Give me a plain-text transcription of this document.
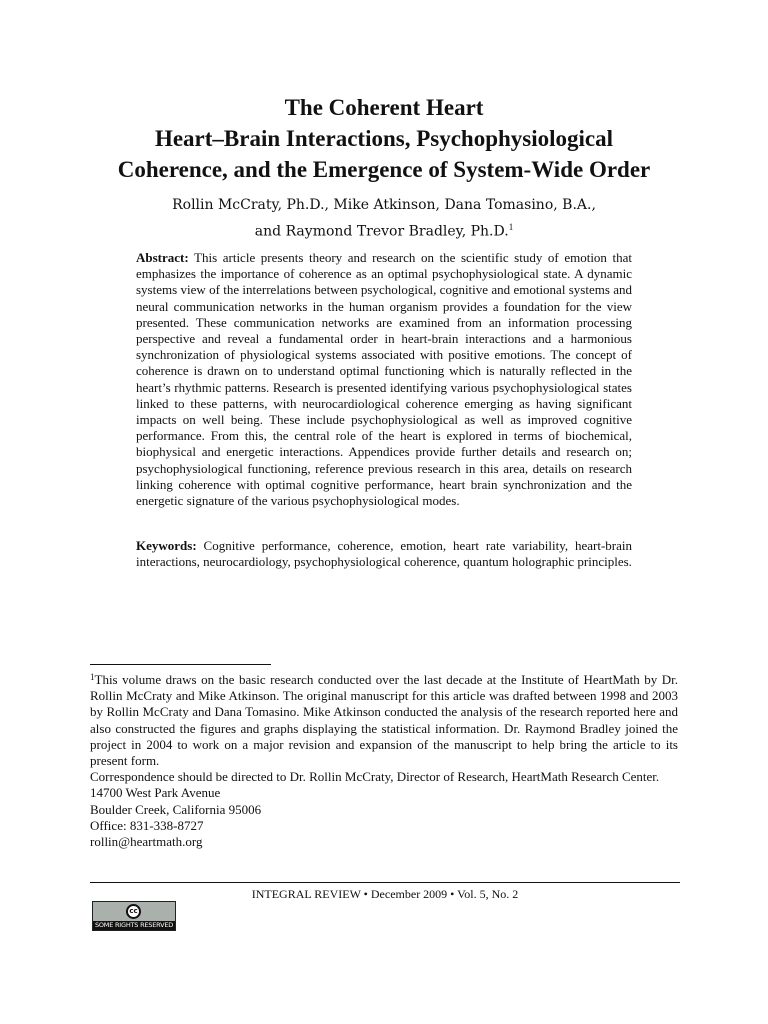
The Coherent Heart
Heart–Brain Interactions, Psychophysiological
Coherence, and the Emergence of System-Wide Order
Rollin McCraty, Ph.D., Mike Atkinson, Dana Tomasino, B.A.,
and Raymond Trevor Bradley, Ph.D.$^1$
Abstract: This article presents theory and research on the scientific study of emotion that emphasizes the importance of coherence as an optimal psychophysiological state. A dynamic systems view of the interrelations between psychological, cognitive and emotional systems and neural communication networks in the human organism provides a foundation for the view presented. These communication networks are examined from an information processing perspective and reveal a fundamental order in heart-brain interactions and a harmonious synchronization of physiological systems associated with positive emotions. The concept of coherence is drawn on to understand optimal functioning which is naturally reflected in the heart’s rhythmic patterns. Research is presented identifying various psychophysiological states linked to these patterns, with neurocardiological coherence emerging as having significant impacts on well being. These include psychophysiological as well as improved cognitive performance. From this, the central role of the heart is explored in terms of biochemical, biophysical and energetic interactions. Appendices provide further details and research on; psychophysiological functioning, reference previous research in this area, details on research linking coherence with optimal cognitive performance, heart brain synchronization and the energetic signature of the various psychophysiological modes.
Keywords: Cognitive performance, coherence, emotion, heart rate variability, heart-brain interactions, neurocardiology, psychophysiological coherence, quantum holographic principles.
$^1$This volume draws on the basic research conducted over the last decade at the Institute of HeartMath by Dr. Rollin McCraty and Mike Atkinson. The original manuscript for this article was drafted between 1998 and 2003 by Rollin McCraty and Dana Tomasino. Mike Atkinson conducted the analysis of the research reported here and also constructed the figures and graphs displaying the statistical information. Dr. Raymond Bradley joined the project in 2004 to work on a major revision and expansion of the manuscript to help bring the article to its present form.
Correspondence should be directed to Dr. Rollin McCraty, Director of Research, HeartMath Research Center.
14700 West Park Avenue
Boulder Creek, California 95006
Office: 831-338-8727
rollin@heartmath.org
INTEGRAL REVIEW • December 2009 • Vol. 5, No. 2
cc
SOME RIGHTS RESERVED
